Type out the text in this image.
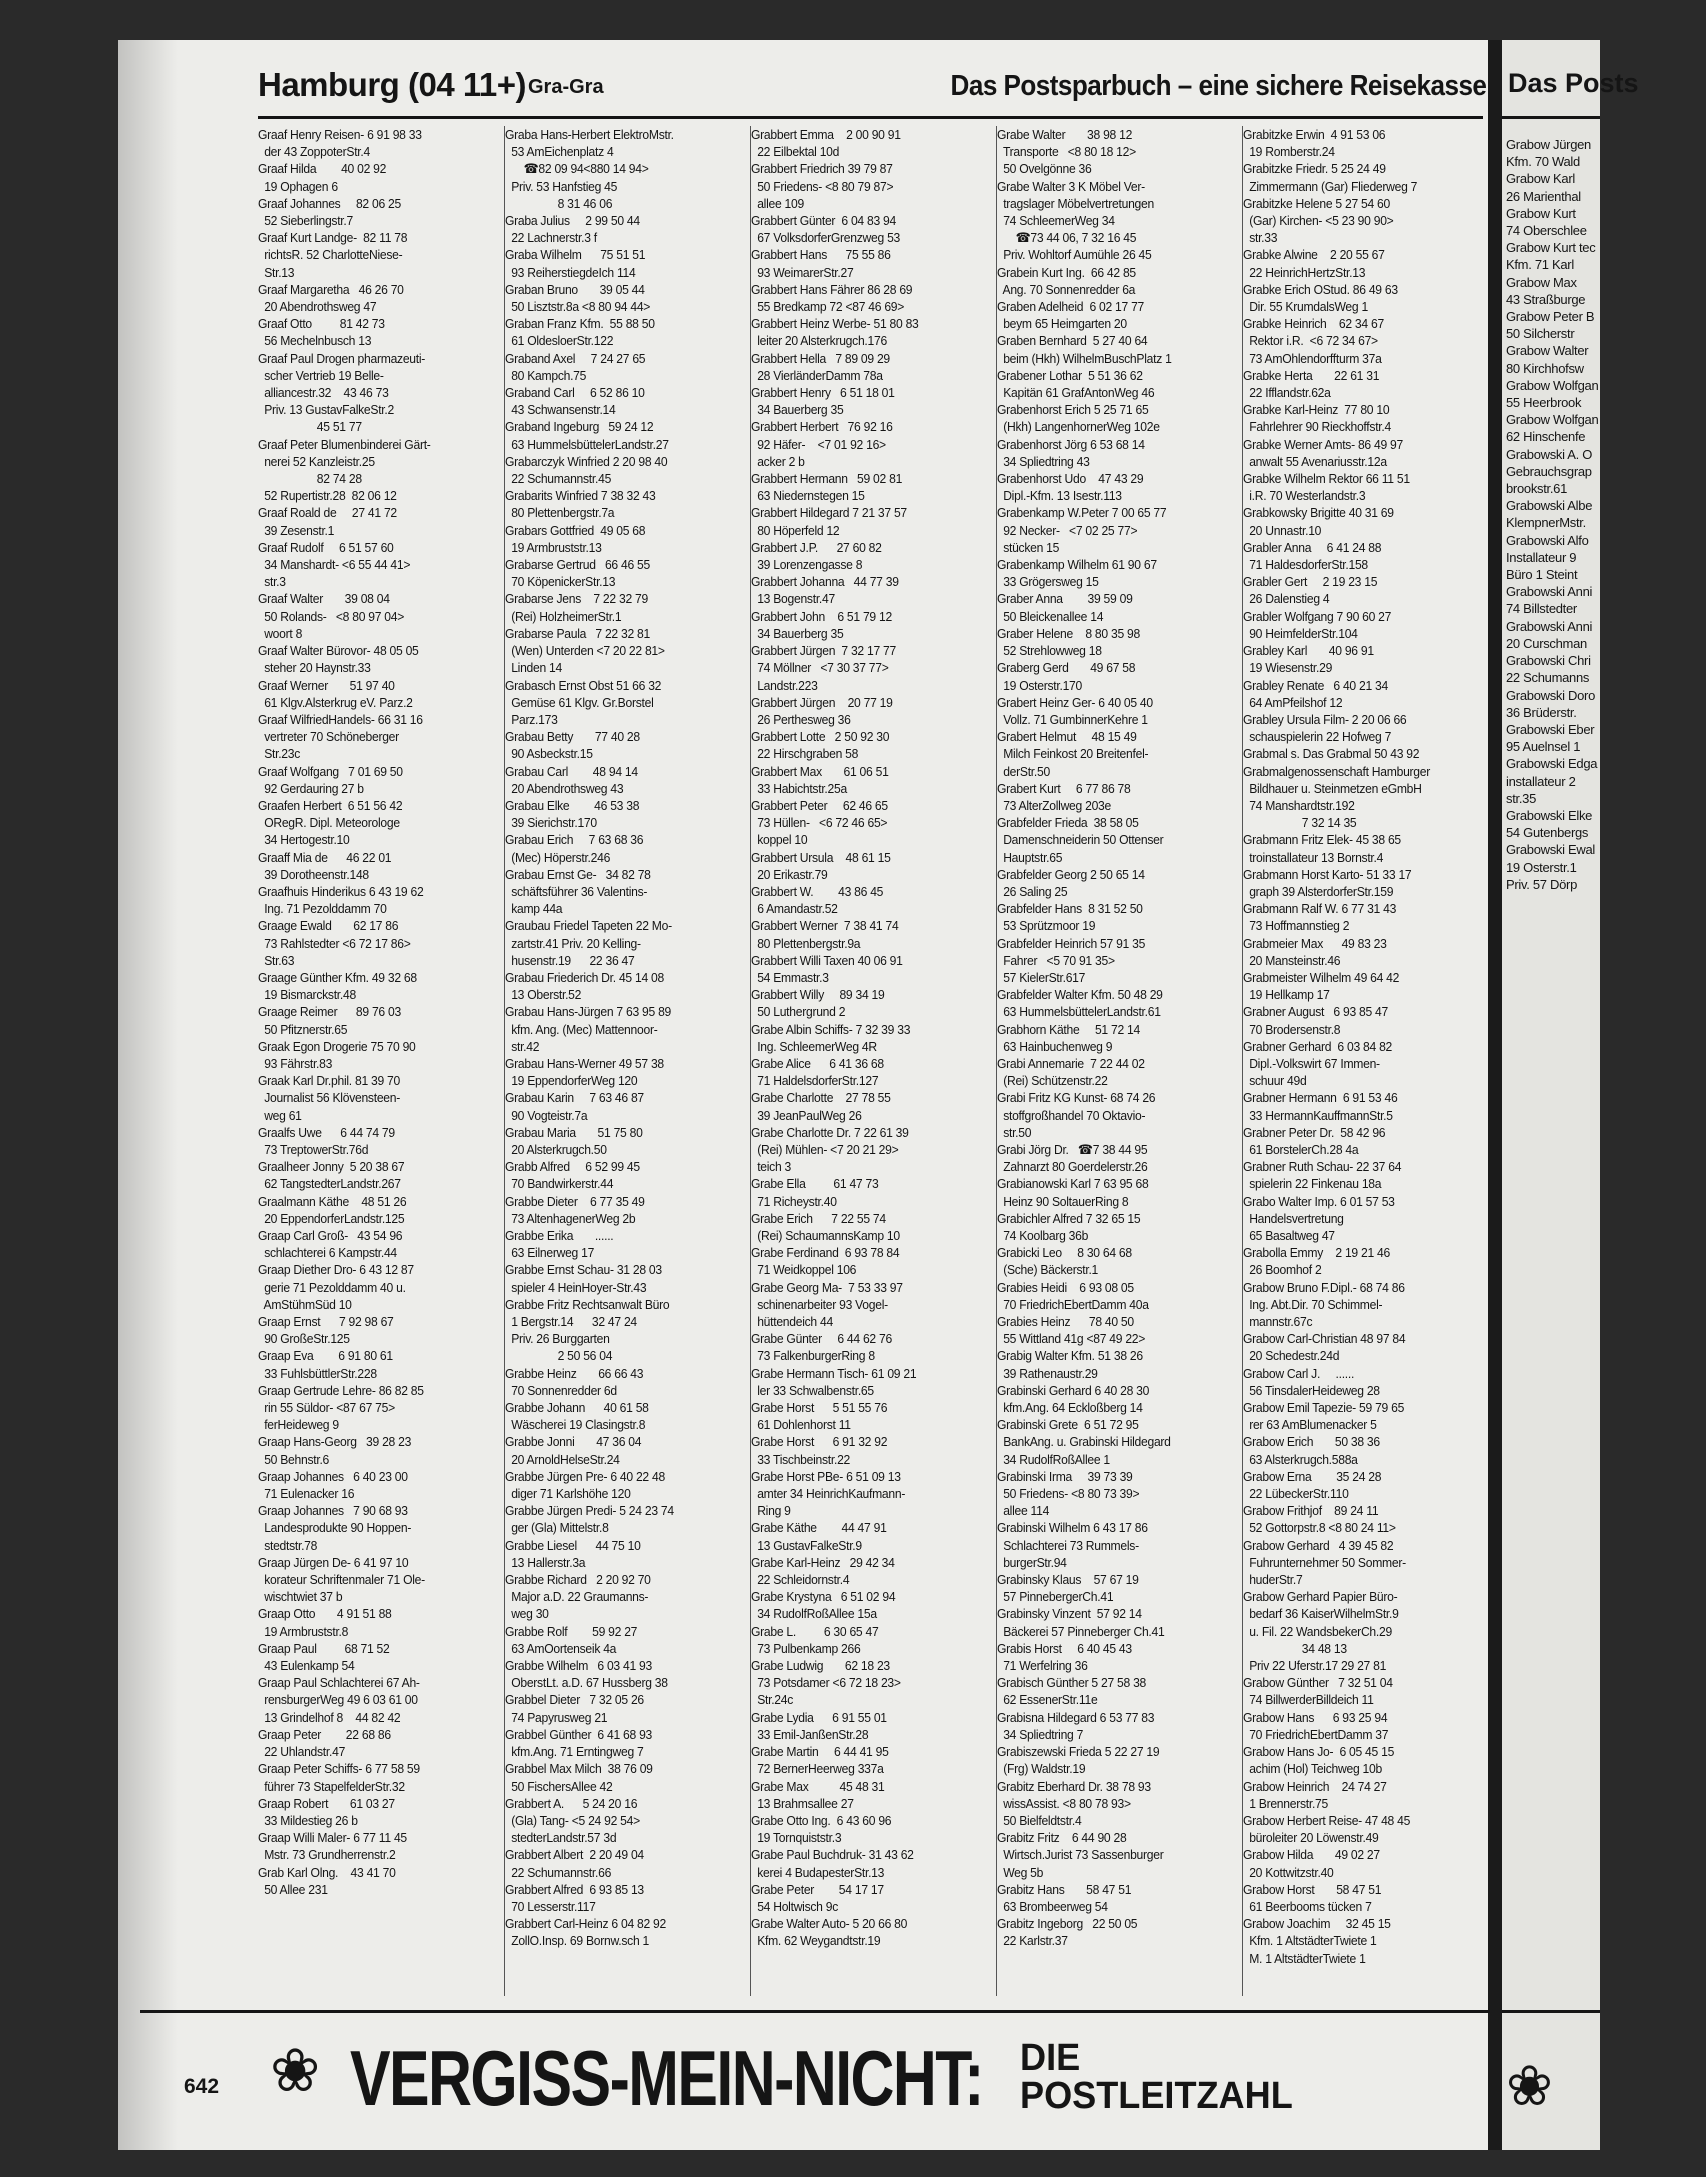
Hamburg (04 11+) Gra-Gra	Das Postsparbuch – eine sichere Reisekasse
Graaf Henry Reisen- 6 91 98 33
der 43 ZoppoterStr.4
Graaf Hilda        40 02 92
19 Ophagen 6
Graaf Johannes     82 06 25
52 Sieberlingstr.7
Graaf Kurt Landge-  82 11 78
richtsR. 52 CharlotteNiese-
Str.13
Graaf Margaretha   46 26 70
20 Abendrothsweg 47
Graaf Otto         81 42 73
56 Mechelnbusch 13
Graaf Paul Drogen pharmazeuti-
scher Vertrieb 19 Belle-
alliancestr.32    43 46 73
Priv. 13 GustavFalkeStr.2
45 51 77
Graaf Peter Blumenbinderei Gärt-
nerei 52 Kanzleistr.25
82 74 28
52 Rupertistr.28  82 06 12
Graaf Roald de     27 41 72
39 Zesenstr.1
Graaf Rudolf     6 51 57 60
34 Manshardt- <6 55 44 41>
str.3
Graaf Walter       39 08 04
50 Rolands-   <8 80 97 04>
woort 8
Graaf Walter Bürovor- 48 05 05
steher 20 Haynstr.33
Graaf Werner       51 97 40
61 Klgv.Alsterkrug eV. Parz.2
Graaf WilfriedHandels- 66 31 16
vertreter 70 Schöneberger
Str.23c
Graaf Wolfgang   7 01 69 50
92 Gerdauring 27 b
Graafen Herbert  6 51 56 42
ORegR. Dipl. Meteorologe
34 Hertogestr.10
Graaff Mia de      46 22 01
39 Dorotheenstr.148
Graafhuis Hinderikus 6 43 19 62
Ing. 71 Pezolddamm 70
Graage Ewald       62 17 86
73 Rahlstedter <6 72 17 86>
Str.63
Graage Günther Kfm. 49 32 68
19 Bismarckstr.48
Graage Reimer      89 76 03
50 Pfitznerstr.65
Graak Egon Drogerie 75 70 90
93 Fährstr.83
Graak Karl Dr.phil. 81 39 70
Journalist 56 Klövensteen-
weg 61
Graalfs Uwe      6 44 74 79
73 TreptowerStr.76d
Graalheer Jonny  5 20 38 67
62 TangstedterLandstr.267
Graalmann Käthe    48 51 26
20 EppendorferLandstr.125
Graap Carl Groß-   43 54 96
schlachterei 6 Kampstr.44
Graap Diether Dro- 6 43 12 87
gerie 71 Pezolddamm 40 u.
AmStühmSüd 10
Graap Ernst      7 92 98 67
90 GroßeStr.125
Graap Eva        6 91 80 61
33 FuhlsbüttlerStr.228
Graap Gertrude Lehre- 86 82 85
rin 55 Süldor- <87 67 75>
ferHeideweg 9
Graap Hans-Georg   39 28 23
50 Behnstr.6
Graap Johannes   6 40 23 00
71 Eulenacker 16
Graap Johannes   7 90 68 93
Landesprodukte 90 Hoppen-
stedtstr.78
Graap Jürgen De- 6 41 97 10
korateur Schriftenmaler 71 Ole-
wischtwiet 37 b
Graap Otto       4 91 51 88
19 Armbruststr.8
Graap Paul         68 71 52
43 Eulenkamp 54
Graap Paul Schlachterei 67 Ah-
rensburgerWeg 49 6 03 61 00
13 Grindelhof 8    44 82 42
Graap Peter        22 68 86
22 Uhlandstr.47
Graap Peter Schiffs- 6 77 58 59
führer 73 StapelfelderStr.32
Graap Robert       61 03 27
33 Mildestieg 26 b
Graap Willi Maler- 6 77 11 45
Mstr. 73 Grundherrenstr.2
Grab Karl Olng.    43 41 70
50 Allee 231
Graba Hans-Herbert ElektroMstr.
53 AmEichenplatz 4
☎82 09 94<880 14 94>
Priv. 53 Hanfstieg 45
8 31 46 06
Graba Julius     2 99 50 44
22 Lachnerstr.3 f
Graba Wilhelm      75 51 51
93 ReiherstiegdeIch 114
Graban Bruno       39 05 44
50 Lisztstr.8a <8 80 94 44>
Graban Franz Kfm.  55 88 50
61 OldesloerStr.122
Graband Axel     7 24 27 65
80 Kampch.75
Graband Carl     6 52 86 10
43 Schwansenstr.14
Graband Ingeburg   59 24 12
63 HummelsbüttelerLandstr.27
Grabarczyk Winfried 2 20 98 40
22 Schumannstr.45
Grabarits Winfried 7 38 32 43
80 Plettenbergstr.7a
Grabars Gottfried  49 05 68
19 Armbruststr.13
Grabarse Gertrud   66 46 55
70 KöpenickerStr.13
Grabarse Jens    7 22 32 79
(Rei) HolzheimerStr.1
Grabarse Paula   7 22 32 81
(Wen) Unterden <7 20 22 81>
Linden 14
Grabasch Ernst Obst 51 66 32
Gemüse 61 Klgv. Gr.Borstel
Parz.173
Grabau Betty       77 40 28
90 Asbeckstr.15
Grabau Carl        48 94 14
20 Abendrothsweg 43
Grabau Elke        46 53 38
39 Sierichstr.170
Grabau Erich     7 63 68 36
(Mec) Höperstr.246
Grabau Ernst Ge-   34 82 78
schäftsführer 36 Valentins-
kamp 44a
Graubau Friedel Tapeten 22 Mo-
zartstr.41 Priv. 20 Kelling-
husenstr.19      22 36 47
Grabau Friederich Dr. 45 14 08
13 Oberstr.52
Grabau Hans-Jürgen 7 63 95 89
kfm. Ang. (Mec) Mattennoor-
str.42
Grabau Hans-Werner 49 57 38
19 EppendorferWeg 120
Grabau Karin     7 63 46 87
90 Vogteistr.7a
Grabau Maria       51 75 80
20 Alsterkrugch.50
Grabb Alfred     6 52 99 45
70 Bandwirkerstr.44
Grabbe Dieter    6 77 35 49
73 AltenhagenerWeg 2b
Grabbe Erika       ......
63 Eilnerweg 17
Grabbe Ernst Schau- 31 28 03
spieler 4 HeinHoyer-Str.43
Grabbe Fritz Rechtsanwalt Büro
1 Bergstr.14      32 47 24
Priv. 26 Burggarten
2 50 56 04
Grabbe Heinz       66 66 43
70 Sonnenredder 6d
Grabbe Johann      40 61 58
Wäscherei 19 Clasingstr.8
Grabbe Jonni       47 36 04
20 ArnoldHelseStr.24
Grabbe Jürgen Pre- 6 40 22 48
diger 71 Karlshöhe 120
Grabbe Jürgen Predi- 5 24 23 74
ger (Gla) Mittelstr.8
Grabbe Liesel      44 75 10
13 Hallerstr.3a
Grabbe Richard   2 20 92 70
Major a.D. 22 Graumanns-
weg 30
Grabbe Rolf        59 92 27
63 AmOortenseik 4a
Grabbe Wilhelm   6 03 41 93
OberstLt. a.D. 67 Hussberg 38
Grabbel Dieter   7 32 05 26
74 Papyrusweg 21
Grabbel Günther  6 41 68 93
kfm.Ang. 71 Erntingweg 7
Grabbel Max Milch  38 76 09
50 FischersAllee 42
Grabbert A.      5 24 20 16
(Gla) Tang- <5 24 92 54>
stedterLandstr.57 3d
Grabbert Albert  2 20 49 04
22 Schumannstr.66
Grabbert Alfred  6 93 85 13
70 Lesserstr.117
Grabbert Carl-Heinz 6 04 82 92
ZollO.Insp. 69 Bornw.sch 1
Grabbert Emma    2 00 90 91
22 Eilbektal 10d
Grabbert Friedrich 39 79 87
50 Friedens- <8 80 79 87>
allee 109
Grabbert Günter  6 04 83 94
67 VolksdorferGrenzweg 53
Grabbert Hans      75 55 86
93 WeimarerStr.27
Grabbert Hans Fährer 86 28 69
55 Bredkamp 72 <87 46 69>
Grabbert Heinz Werbe- 51 80 83
leiter 20 Alsterkrugch.176
Grabbert Hella   7 89 09 29
28 VierländerDamm 78a
Grabbert Henry   6 51 18 01
34 Bauerberg 35
Grabbert Herbert   76 92 16
92 Häfer-    <7 01 92 16>
acker 2 b
Grabbert Hermann   59 02 81
63 Niedernstegen 15
Grabbert Hildegard 7 21 37 57
80 Höperfeld 12
Grabbert J.P.      27 60 82
39 Lorenzengasse 8
Grabbert Johanna   44 77 39
13 Bogenstr.47
Grabbert John    6 51 79 12
34 Bauerberg 35
Grabbert Jürgen  7 32 17 77
74 Möllner   <7 30 37 77>
Landstr.223
Grabbert Jürgen    20 77 19
26 Perthesweg 36
Grabbert Lotte   2 50 92 30
22 Hirschgraben 58
Grabbert Max       61 06 51
33 Habichtstr.25a
Grabbert Peter     62 46 65
73 Hüllen-   <6 72 46 65>
koppel 10
Grabbert Ursula    48 61 15
20 Erikastr.79
Grabbert W.        43 86 45
6 Amandastr.52
Grabbert Werner  7 38 41 74
80 Plettenbergstr.9a
Grabbert Willi Taxen 40 06 91
54 Emmastr.3
Grabbert Willy     89 34 19
50 Luthergrund 2
Grabe Albin Schiffs- 7 32 39 33
Ing. SchleemerWeg 4R
Grabe Alice      6 41 36 68
71 HaldelsdorferStr.127
Grabe Charlotte    27 78 55
39 JeanPaulWeg 26
Grabe Charlotte Dr. 7 22 61 39
(Rei) Mühlen- <7 20 21 29>
teich 3
Grabe Ella         61 47 73
71 Richeystr.40
Grabe Erich      7 22 55 74
(Rei) SchaumannsKamp 10
Grabe Ferdinand  6 93 78 84
71 Weidkoppel 106
Grabe Georg Ma-  7 53 33 97
schinenarbeiter 93 Vogel-
hüttendeich 44
Grabe Günter     6 44 62 76
73 FalkenburgerRing 8
Grabe Hermann Tisch- 61 09 21
ler 33 Schwalbenstr.65
Grabe Horst      5 51 55 76
61 Dohlenhorst 11
Grabe Horst      6 91 32 92
33 Tischbeinstr.22
Grabe Horst PBe- 6 51 09 13
amter 34 HeinrichKaufmann-
Ring 9
Grabe Käthe        44 47 91
13 GustavFalkeStr.9
Grabe Karl-Heinz   29 42 34
22 Schleidornstr.4
Grabe Krystyna   6 51 02 94
34 RudolfRoßAllee 15a
Grabe L.         6 30 65 47
73 Pulbenkamp 266
Grabe Ludwig       62 18 23
73 Potsdamer <6 72 18 23>
Str.24c
Grabe Lydia      6 91 55 01
33 Emil-JanßenStr.28
Grabe Martin     6 44 41 95
72 BernerHeerweg 337a
Grabe Max          45 48 31
13 Brahmsallee 27
Grabe Otto Ing.  6 43 60 96
19 Tornquiststr.3
Grabe Paul Buchdruk- 31 43 62
kerei 4 BudapesterStr.13
Grabe Peter        54 17 17
54 Holtwisch 9c
Grabe Walter Auto- 5 20 66 80
Kfm. 62 Weygandtstr.19
Grabe Walter       38 98 12
Transporte   <8 80 18 12>
50 Ovelgönne 36
Grabe Walter 3 K Möbel Ver-
tragslager Möbelvertretungen
74 SchleemerWeg 34
☎73 44 06, 7 32 16 45
Priv. Wohltorf Aumühle 26 45
Grabein Kurt Ing.  66 42 85
Ang. 70 Sonnenredder 6a
Graben Adelheid  6 02 17 77
beym 65 Heimgarten 20
Graben Bernhard  5 27 40 64
beim (Hkh) WilhelmBuschPlatz 1
Grabener Lothar  5 51 36 62
Kapitän 61 GrafAntonWeg 46
Grabenhorst Erich 5 25 71 65
(Hkh) LangenhornerWeg 102e
Grabenhorst Jörg 6 53 68 14
34 Spliedtring 43
Grabenhorst Udo    47 43 29
Dipl.-Kfm. 13 Isestr.113
Grabenkamp W.Peter 7 00 65 77
92 Necker-   <7 02 25 77>
stücken 15
Grabenkamp Wilhelm 61 90 67
33 Grögersweg 15
Graber Anna        39 59 09
50 Bleickenallee 14
Graber Helene    8 80 35 98
52 Strehlowweg 18
Graberg Gerd       49 67 58
19 Osterstr.170
Grabert Heinz Ger- 6 40 05 40
Vollz. 71 GumbinnerKehre 1
Grabert Helmut     48 15 49
Milch Feinkost 20 Breitenfel-
derStr.50
Grabert Kurt     6 77 86 78
73 AlterZollweg 203e
Grabfelder Frieda  38 58 05
Damenschneiderin 50 Ottenser
Hauptstr.65
Grabfelder Georg 2 50 65 14
26 Saling 25
Grabfelder Hans  8 31 52 50
53 Sprützmoor 19
Grabfelder Heinrich 57 91 35
Fahrer   <5 70 91 35>
57 KielerStr.617
Grabfelder Walter Kfm. 50 48 29
63 HummelsbüttelerLandstr.61
Grabhorn Käthe     51 72 14
63 Hainbuchenweg 9
Grabi Annemarie  7 22 44 02
(Rei) Schützenstr.22
Grabi Fritz KG Kunst- 68 74 26
stoffgroßhandel 70 Oktavio-
str.50
Grabi Jörg Dr.   ☎7 38 44 95
Zahnarzt 80 Goerdelerstr.26
Grabianowski Karl 7 63 95 68
Heinz 90 SoltauerRing 8
Grabichler Alfred 7 32 65 15
74 Koolbarg 36b
Grabicki Leo     8 30 64 68
(Sche) Bäckerstr.1
Grabies Heidi    6 93 08 05
70 FriedrichEbertDamm 40a
Grabies Heinz      78 40 50
55 Wittland 41g <87 49 22>
Grabig Walter Kfm. 51 38 26
39 Rathenaustr.29
Grabinski Gerhard 6 40 28 30
kfm.Ang. 64 Eckloßberg 14
Grabinski Grete  6 51 72 95
BankAng. u. Grabinski Hildegard
34 RudolfRoßAllee 1
Grabinski Irma     39 73 39
50 Friedens- <8 80 73 39>
allee 114
Grabinski Wilhelm 6 43 17 86
Schlachterei 73 Rummels-
burgerStr.94
Grabinsky Klaus    57 67 19
57 PinnebergerCh.41
Grabinsky Vinzent  57 92 14
Bäckerei 57 Pinneberger Ch.41
Grabis Horst     6 40 45 43
71 Werfelring 36
Grabisch Günther 5 27 58 38
62 EssenerStr.11e
Grabisna Hildegard 6 53 77 83
34 Spliedtring 7
Grabiszewski Frieda 5 22 27 19
(Frg) Waldstr.19
Grabitz Eberhard Dr. 38 78 93
wissAssist. <8 80 78 93>
50 Bielfeldtstr.4
Grabitz Fritz    6 44 90 28
Wirtsch.Jurist 73 Sassenburger
Weg 5b
Grabitz Hans       58 47 51
63 Brombeerweg 54
Grabitz Ingeborg   22 50 05
22 Karlstr.37
Grabitzke Erwin  4 91 53 06
19 Romberstr.24
Grabitzke Friedr. 5 25 24 49
Zimmermann (Gar) Fliederweg 7
Grabitzke Helene 5 27 54 60
(Gar) Kirchen- <5 23 90 90>
str.33
Grabke Alwine    2 20 55 67
22 HeinrichHertzStr.13
Grabke Erich OStud. 86 49 63
Dir. 55 KrumdalsWeg 1
Grabke Heinrich    62 34 67
Rektor i.R.  <6 72 34 67>
73 AmOhlendorffturm 37a
Grabke Herta       22 61 31
22 Ifflandstr.62a
Grabke Karl-Heinz  77 80 10
Fahrlehrer 90 Rieckhoffstr.4
Grabke Werner Amts- 86 49 97
anwalt 55 Avenariusstr.12a
Grabke Wilhelm Rektor 66 11 51
i.R. 70 Westerlandstr.3
Grabkowsky Brigitte 40 31 69
20 Unnastr.10
Grabler Anna     6 41 24 88
71 HaldesdorferStr.158
Grabler Gert     2 19 23 15
26 Dalenstieg 4
Grabler Wolfgang 7 90 60 27
90 HeimfelderStr.104
Grabley Karl       40 96 91
19 Wiesenstr.29
Grabley Renate   6 40 21 34
64 AmPfeilshof 12
Grabley Ursula Film- 2 20 06 66
schauspielerin 22 Hofweg 7
Grabmal s. Das Grabmal 50 43 92
Grabmalgenossenschaft Hamburger
Bildhauer u. Steinmetzen eGmbH
74 Manshardtstr.192
7 32 14 35
Grabmann Fritz Elek- 45 38 65
troinstallateur 13 Bornstr.4
Grabmann Horst Karto- 51 33 17
graph 39 AlsterdorferStr.159
Grabmann Ralf W. 6 77 31 43
73 Hoffmannstieg 2
Grabmeier Max      49 83 23
20 Mansteinstr.46
Grabmeister Wilhelm 49 64 42
19 Hellkamp 17
Grabner August   6 93 85 47
70 Brodersenstr.8
Grabner Gerhard  6 03 84 82
Dipl.-Volkswirt 67 Immen-
schuur 49d
Grabner Hermann  6 91 53 46
33 HermannKauffmannStr.5
Grabner Peter Dr.  58 42 96
61 BorstelerCh.28 4a
Grabner Ruth Schau- 22 37 64
spielerin 22 Finkenau 18a
Grabo Walter Imp. 6 01 57 53
Handelsvertretung
65 Basaltweg 47
Grabolla Emmy    2 19 21 46
26 Boomhof 2
Grabow Bruno F.Dipl.- 68 74 86
Ing. Abt.Dir. 70 Schimmel-
mannstr.67c
Grabow Carl-Christian 48 97 84
20 Schedestr.24d
Grabow Carl J.     ......
56 TinsdalerHeideweg 28
Grabow Emil Tapezie- 59 79 65
rer 63 AmBlumenacker 5
Grabow Erich       50 38 36
63 Alsterkrugch.588a
Grabow Erna        35 24 28
22 LübeckerStr.110
Grabow Frithjof    89 24 11
52 Gottorpstr.8 <8 80 24 11>
Grabow Gerhard   4 39 45 82
Fuhrunternehmer 50 Sommer-
huderStr.7
Grabow Gerhard Papier Büro-
bedarf 36 KaiserWilhelmStr.9
u. Fil. 22 WandsbekerCh.29
34 48 13
Priv 22 Uferstr.17 29 27 81
Grabow Günther   7 32 51 04
74 BillwerderBilldeich 11
Grabow Hans      6 93 25 94
70 FriedrichEbertDamm 37
Grabow Hans Jo-  6 05 45 15
achim (Hol) Teichweg 10b
Grabow Heinrich    24 74 27
1 Brennerstr.75
Grabow Herbert Reise- 47 48 45
büroleiter 20 Löwenstr.49
Grabow Hilda       49 02 27
20 Kottwitzstr.40
Grabow Horst       58 47 51
61 Beerbooms tücken 7
Grabow Joachim     32 45 15
Kfm. 1 AltstädterTwiete 1
M. 1 AltstädterTwiete 1
642 ❀ VERGISS-MEIN-NICHT: DIE
POSTLEITZAHL
Das Posts
Grabow Jürgen
Kfm. 70 Wald
Grabow Karl
26 Marienthal
Grabow Kurt
74 Oberschlee
Grabow Kurt tec
Kfm. 71 Karl
Grabow Max
43 Straßburge
Grabow Peter B
50 Silcherstr
Grabow Walter
80 Kirchhofsw
Grabow Wolfgan
55 Heerbrook
Grabow Wolfgan
62 Hinschenfe
Grabowski A. O
Gebrauchsgrap
brookstr.61
Grabowski Albe
KlempnerMstr.
Grabowski Alfo
Installateur 9
Büro 1 Steint
Grabowski Anni
74 Billstedter
Grabowski Anni
20 Curschman
Grabowski Chri
22 Schumanns
Grabowski Doro
36 Brüderstr.
Grabowski Eber
95 Auelnsel 1
Grabowski Edga
installateur 2
str.35
Grabowski Elke
54 Gutenbergs
Grabowski Ewal
19 Osterstr.1
Priv. 57 Dörp
❀
